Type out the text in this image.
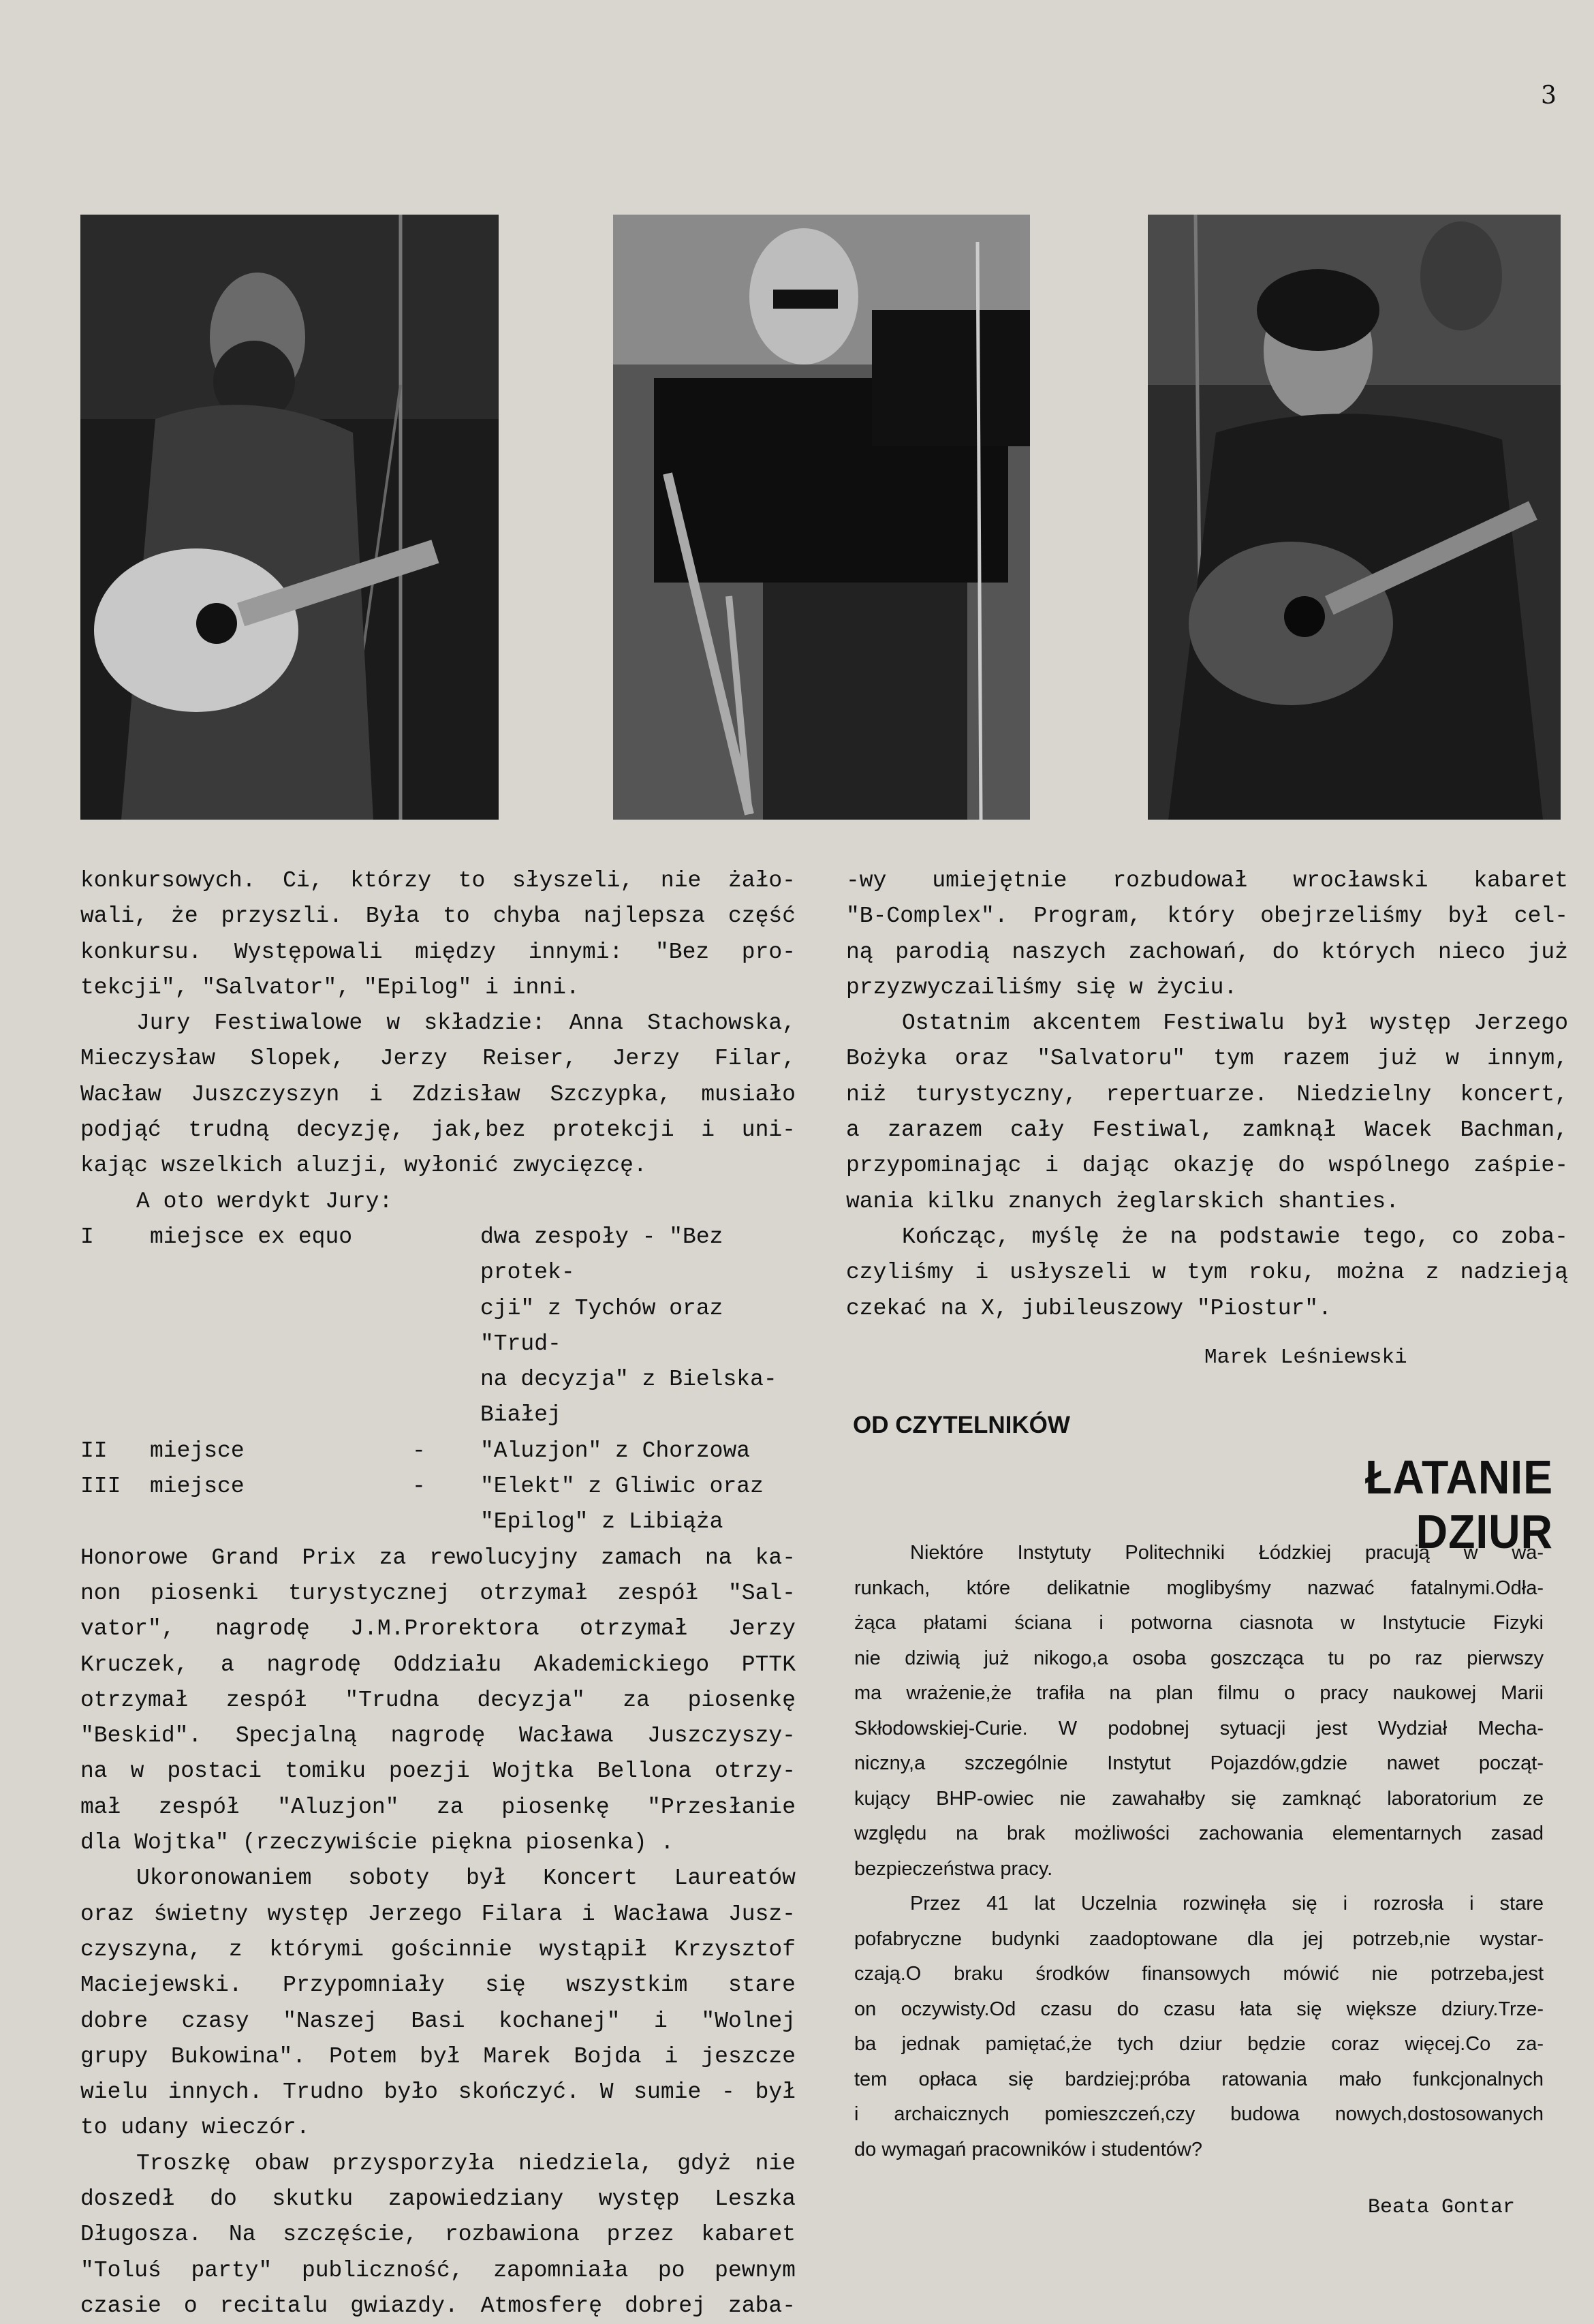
3

konkursowych. Ci, którzy to słyszeli, nie żało-

wali, że przyszli. Była to chyba najlepsza część

konkursu. Występowali między innymi: "Bez pro-

tekcji", "Salvator", "Epilog" i inni.

Jury Festiwalowe w składzie: Anna Stachowska,

Mieczysław Slopek, Jerzy Reiser, Jerzy Filar,

Wacław Juszczyszyn i Zdzisław Szczypka, musiało

podjąć trudną decyzję, jak,bez protekcji i uni-

kając wszelkich aluzji, wyłonić zwycięzcę.

A oto werdykt Jury:

I	miejsce ex equo	dwa zespoły - "Bez protek-
cji" z Tychów oraz "Trud-
na decyzja" z Bielska-
Białej
II	miejsce	-	"Aluzjon" z Chorzowa
III	miejsce	-	"Elekt" z Gliwic oraz
"Epilog" z Libiąża

Honorowe Grand Prix za rewolucyjny zamach na ka-

non piosenki turystycznej otrzymał zespół "Sal-

vator", nagrodę J.M.Prorektora otrzymał Jerzy

Kruczek, a nagrodę Oddziału Akademickiego PTTK

otrzymał zespół "Trudna decyzja" za piosenkę

"Beskid". Specjalną nagrodę Wacława Juszczyszy-

na w postaci tomiku poezji Wojtka Bellona otrzy-

mał zespół "Aluzjon" za piosenkę "Przesłanie

dla Wojtka" (rzeczywiście piękna piosenka) .

Ukoronowaniem soboty był Koncert Laureatów

oraz świetny występ Jerzego Filara i Wacława Jusz-

czyszyna, z którymi gościnnie wystąpił Krzysztof

Maciejewski. Przypomniały się wszystkim stare

dobre czasy "Naszej Basi kochanej" i "Wolnej

grupy Bukowina". Potem był Marek Bojda i jeszcze

wielu innych. Trudno było skończyć. W sumie - był

to udany wieczór.

Troszkę obaw przysporzyła niedziela, gdyż nie

doszedł do skutku zapowiedziany występ Leszka

Długosza. Na szczęście, rozbawiona przez kabaret

"Toluś party" publiczność, zapomniała po pewnym

czasie o recitalu gwiazdy. Atmosferę dobrej zaba-

-wy umiejętnie rozbudował wrocławski kabaret

"B-Complex". Program, który obejrzeliśmy był cel-

ną parodią naszych zachowań, do których nieco już

przyzwyczailiśmy się w życiu.

Ostatnim akcentem Festiwalu był występ Jerzego

Bożyka oraz "Salvatoru" tym razem już w innym,

niż turystyczny, repertuarze. Niedzielny koncert,

a zarazem cały Festiwal, zamknął Wacek Bachman,

przypominając i dając okazję do wspólnego zaśpie-

wania kilku znanych żeglarskich shanties.

Kończąc, myślę że na podstawie tego, co zoba-

czyliśmy i usłyszeli w tym roku, można z nadzieją

czekać na X, jubileuszowy "Piostur".

Marek Leśniewski
OD CZYTELNIKÓW
ŁATANIE DZIUR

Niektóre Instytuty Politechniki Łódzkiej pracują w wa-

runkach, które delikatnie moglibyśmy nazwać fatalnymi.Odła-

żąca płatami ściana i potworna ciasnota w Instytucie Fizyki

nie dziwią już nikogo,a osoba goszcząca tu po raz pierwszy

ma wrażenie,że trafiła na plan filmu o pracy naukowej Marii

Skłodowskiej-Curie. W podobnej sytuacji jest Wydział Mecha-

niczny,a szczególnie Instytut Pojazdów,gdzie nawet począt-

kujący BHP-owiec nie zawahałby się zamknąć laboratorium ze

względu na brak możliwości zachowania elementarnych zasad

bezpieczeństwa pracy.

Przez 41 lat Uczelnia rozwinęła się i rozrosła i stare

pofabryczne budynki zaadoptowane dla jej potrzeb,nie wystar-

czają.O braku środków finansowych mówić nie potrzeba,jest

on oczywisty.Od czasu do czasu łata się większe dziury.Trze-

ba jednak pamiętać,że tych dziur będzie coraz więcej.Co za-

tem opłaca się bardziej:próba ratowania mało funkcjonalnych

i archaicznych pomieszczeń,czy budowa nowych,dostosowanych

do wymagań pracowników i studentów?

Beata Gontar
